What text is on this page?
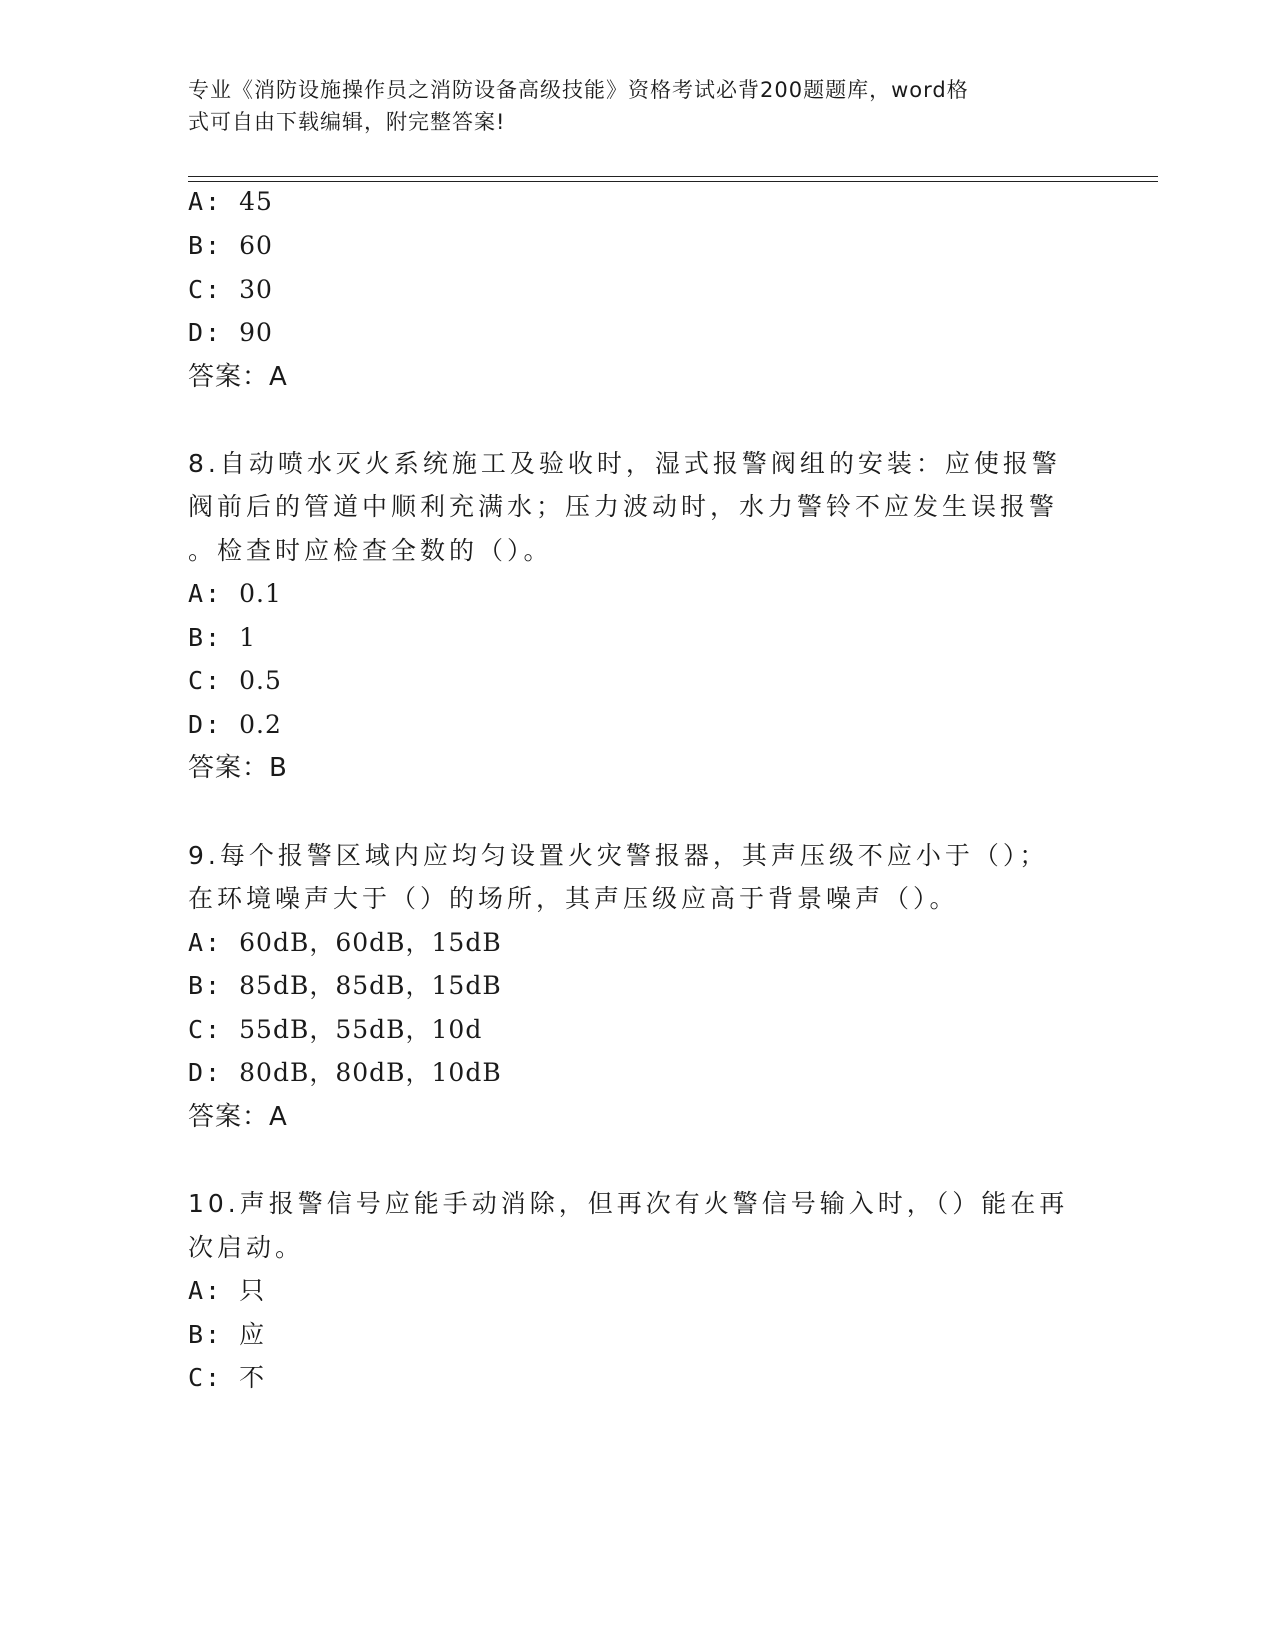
专业《消防设施操作员之消防设备高级技能》资格考试必背200题题库，word格
式可自由下载编辑，附完整答案!
A: 45
B: 60
C: 30
D: 90
答案：A
8.自动喷水灭火系统施工及验收时，湿式报警阀组的安装：应使报警
阀前后的管道中顺利充满水；压力波动时，水力警铃不应发生误报警
。检查时应检查全数的（）。
A: 0.1
B: 1
C: 0.5
D: 0.2
答案：B
9.每个报警区域内应均匀设置火灾警报器，其声压级不应小于（）；
在环境噪声大于（）的场所，其声压级应高于背景噪声（）。
A: 60dB，60dB，15dB
B: 85dB，85dB，15dB
C: 55dB，55dB，10d
D: 80dB，80dB，10dB
答案：A
10.声报警信号应能手动消除，但再次有火警信号输入时，（）能在再
次启动。
A: 只
B: 应
C: 不
